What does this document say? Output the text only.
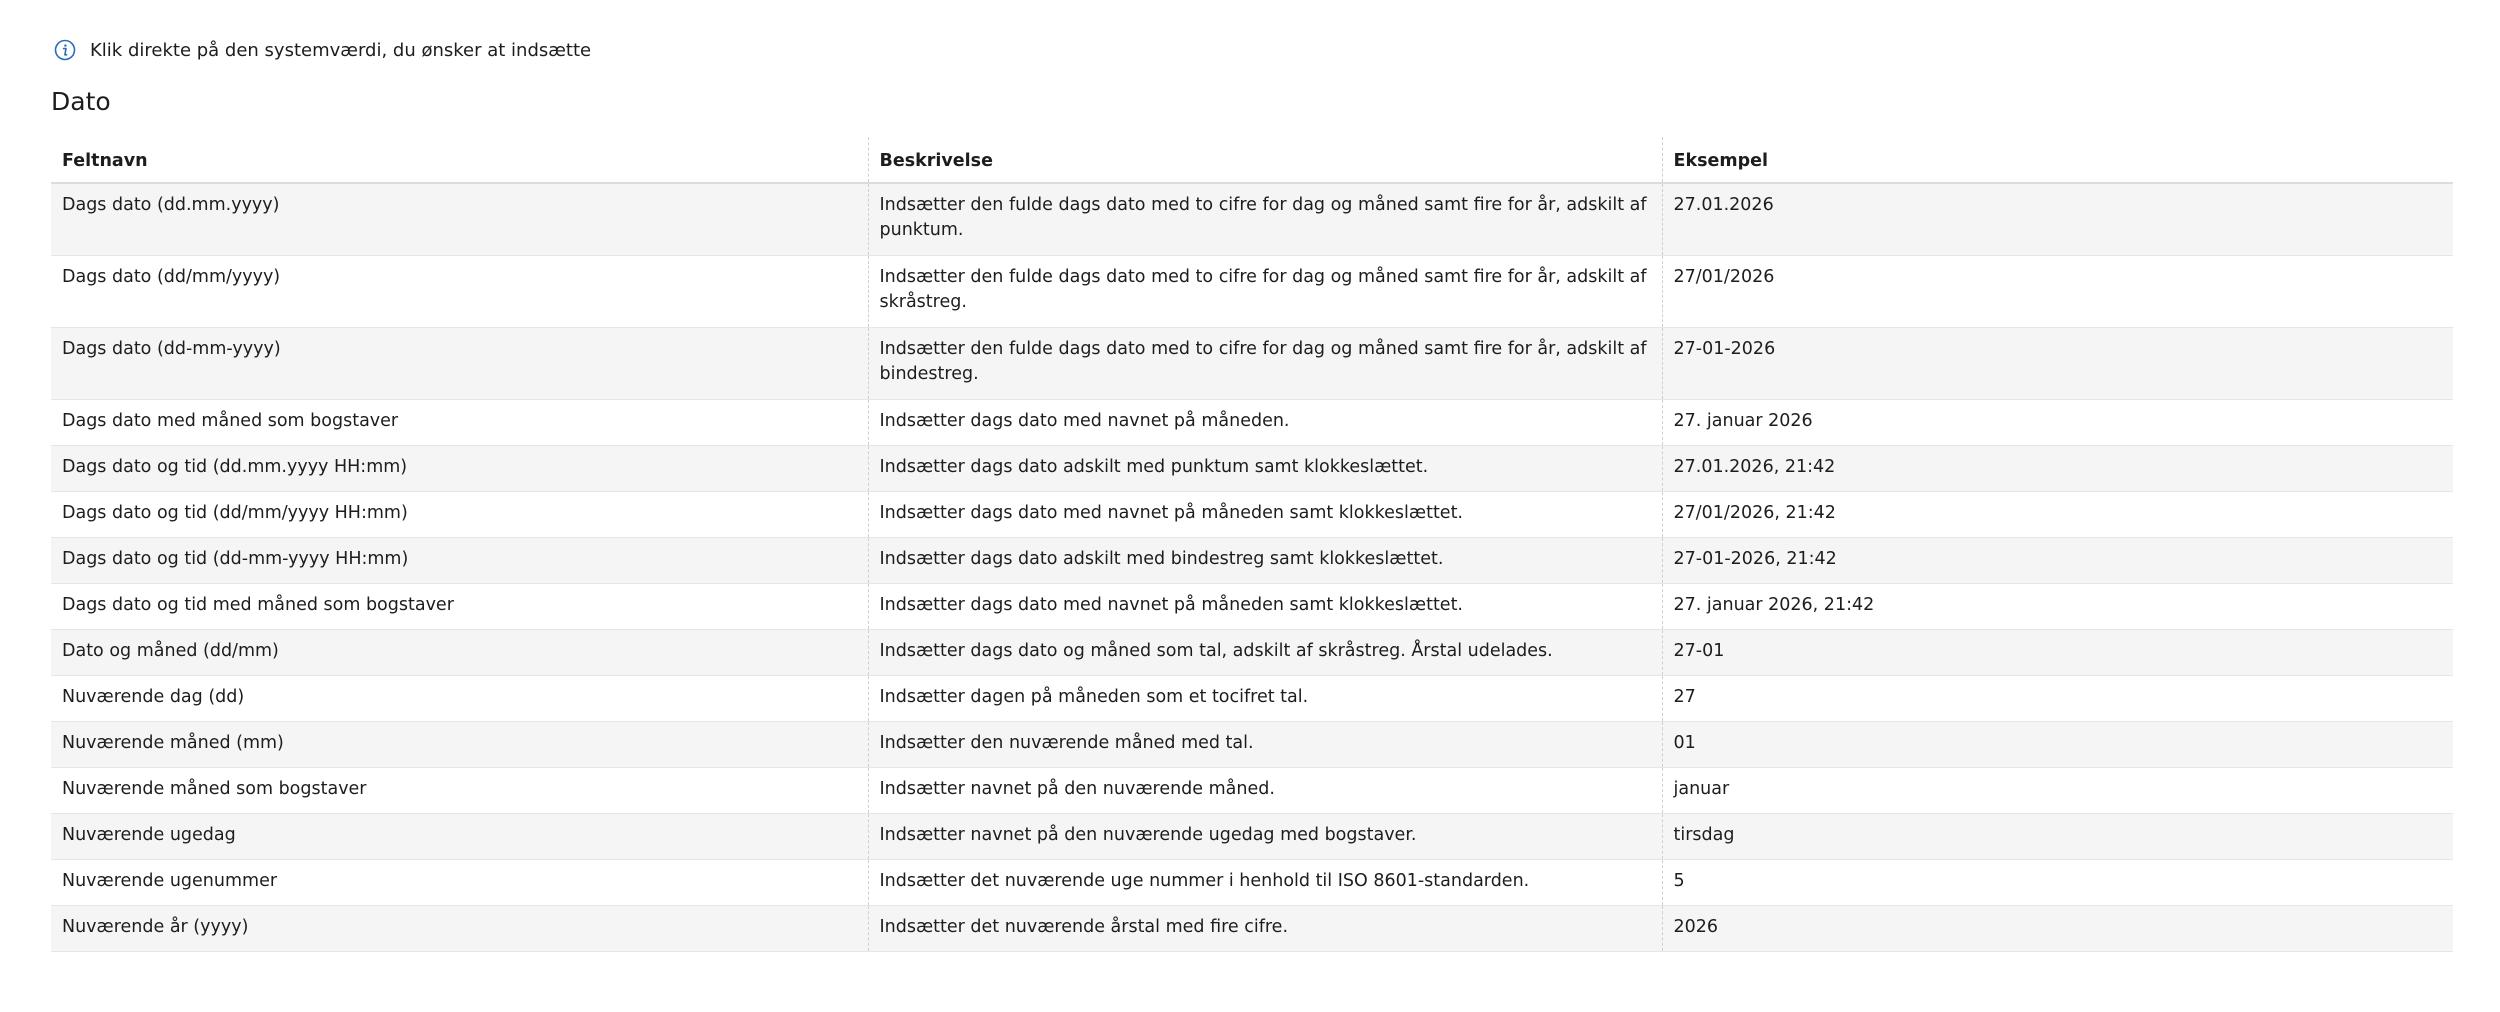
Klik direkte på den systemværdi, du ønsker at indsætte
Dato
Feltnavn	Beskrivelse	Eksempel
Dags dato (dd.mm.yyyy)	Indsætter den fulde dags dato med to cifre for dag og måned samt fire for år, adskilt af punktum.	27.01.2026
Dags dato (dd/mm/yyyy)	Indsætter den fulde dags dato med to cifre for dag og måned samt fire for år, adskilt af skråstreg.	27/01/2026
Dags dato (dd-mm-yyyy)	Indsætter den fulde dags dato med to cifre for dag og måned samt fire for år, adskilt af bindestreg.	27-01-2026
Dags dato med måned som bogstaver	Indsætter dags dato med navnet på måneden.	27. januar 2026
Dags dato og tid (dd.mm.yyyy HH:mm)	Indsætter dags dato adskilt med punktum samt klokkeslættet.	27.01.2026, 21:42
Dags dato og tid (dd/mm/yyyy HH:mm)	Indsætter dags dato med navnet på måneden samt klokkeslættet.	27/01/2026, 21:42
Dags dato og tid (dd-mm-yyyy HH:mm)	Indsætter dags dato adskilt med bindestreg samt klokkeslættet.	27-01-2026, 21:42
Dags dato og tid med måned som bogstaver	Indsætter dags dato med navnet på måneden samt klokkeslættet.	27. januar 2026, 21:42
Dato og måned (dd/mm)	Indsætter dags dato og måned som tal, adskilt af skråstreg. Årstal udelades.	27-01
Nuværende dag (dd)	Indsætter dagen på måneden som et tocifret tal.	27
Nuværende måned (mm)	Indsætter den nuværende måned med tal.	01
Nuværende måned som bogstaver	Indsætter navnet på den nuværende måned.	januar
Nuværende ugedag	Indsætter navnet på den nuværende ugedag med bogstaver.	tirsdag
Nuværende ugenummer	Indsætter det nuværende uge nummer i henhold til ISO 8601-standarden.	5
Nuværende år (yyyy)	Indsætter det nuværende årstal med fire cifre.	2026
